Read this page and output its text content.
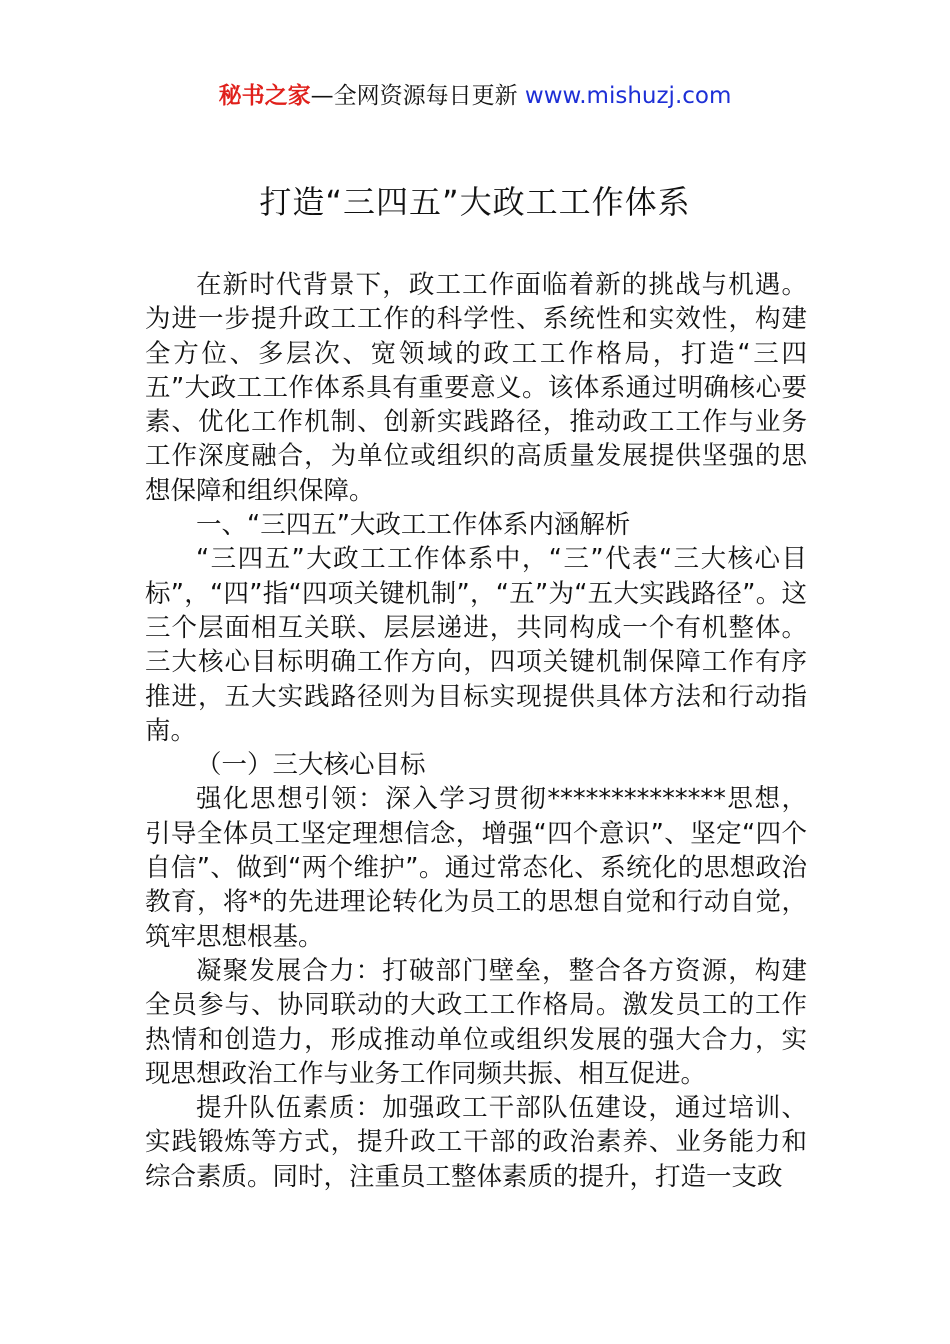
秘书之家—全网资源每日更新 www.mishuzj.com
打造“三四五”大政工工作体系

在新时代背景下，政工工作面临着新的挑战与机遇。为进一步提升政工工作的科学性、系统性和实效性，构建全方位、多层次、宽领域的政工工作格局，打造“三四五”大政工工作体系具有重要意义。该体系通过明确核心要素、优化工作机制、创新实践路径，推动政工工作与业务工作深度融合，为单位或组织的高质量发展提供坚强的思想保障和组织保障。

一、“三四五”大政工工作体系内涵解析

“三四五”大政工工作体系中，“三”代表“三大核心目标”，“四”指“四项关键机制”，“五”为“五大实践路径”。这三个层面相互关联、层层递进，共同构成一个有机整体。三大核心目标明确工作方向，四项关键机制保障工作有序推进，五大实践路径则为目标实现提供具体方法和行动指南。

（一）三大核心目标

强化思想引领：深入学习贯彻**************思想，引导全体员工坚定理想信念，增强“四个意识”、坚定“四个自信”、做到“两个维护”。通过常态化、系统化的思想政治教育，将*的先进理论转化为员工的思想自觉和行动自觉，筑牢思想根基。

凝聚发展合力：打破部门壁垒，整合各方资源，构建全员参与、协同联动的大政工工作格局。激发员工的工作热情和创造力，形成推动单位或组织发展的强大合力，实现思想政治工作与业务工作同频共振、相互促进。

提升队伍素质：加强政工干部队伍建设，通过培训、实践锻炼等方式，提升政工干部的政治素养、业务能力和综合素质。同时，注重员工整体素质的提升，打造一支政
